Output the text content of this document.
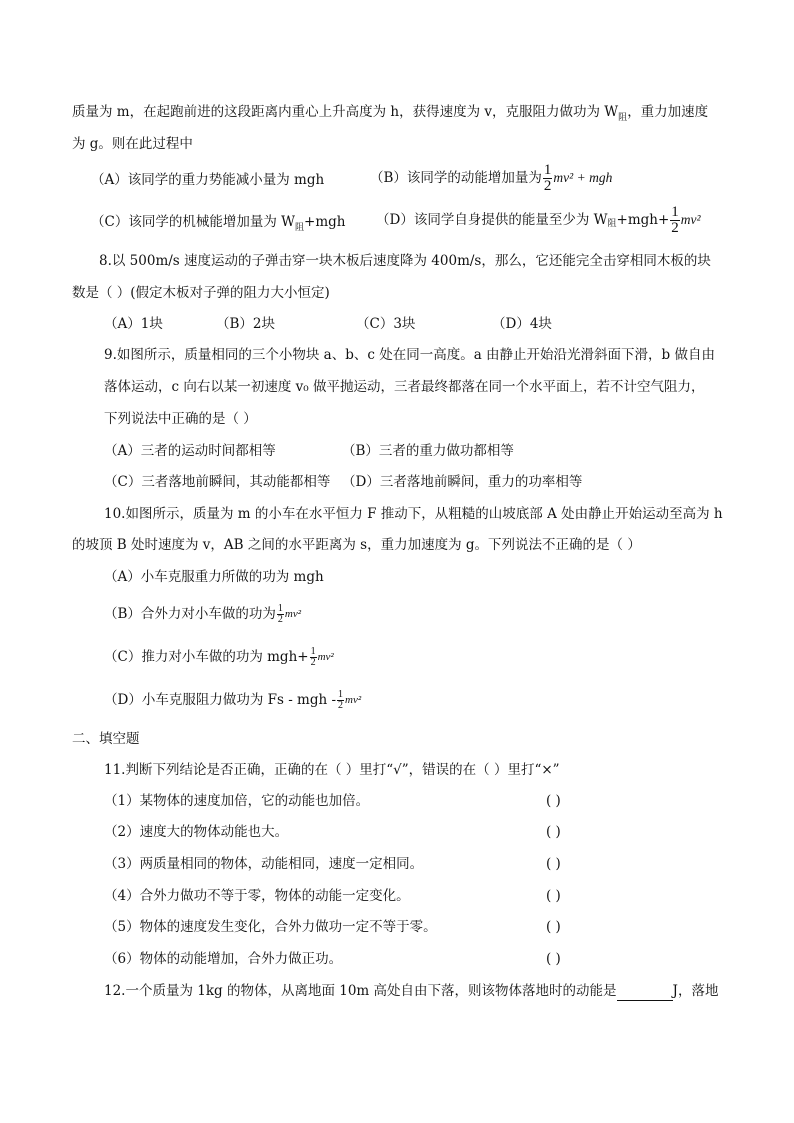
质量为 m，在起跑前进的这段距离内重心上升高度为 h，获得速度为 v，克服阻力做功为 $W_阻$，重力加速度
为 g。则在此过程中
（A）该同学的重力势能减小量为 mgh	（B）该同学的动能增加量为 $\frac{1}{2} mv^2$ + mgh
（C）该同学的机械能增加量为 $W_阻+mgh$ （D）该同学自身提供的能量至少为 W 阻 $+mgh+ \frac{1}{2} mv^2$
8.以 500m/s 速度运动的子弹击穿一块木板后速度降为 400m/s，那么，它还能完全击穿相同木板的块
数是（ ）(假定木板对子弹的阻力大小恒定)
（A）1块	（B）2块	（C）3块	（D）4块
9.如图所示，质量相同的三个小物块 a、b、c 处在同一高度。a 由静止开始沿光滑斜面下滑，b 做自由
落体运动，c 向右以某一初速度 v₀ 做平抛运动，三者最终都落在同一个水平面上，若不计空气阻力，
下列说法中正确的是（ ）
（A）三者的运动时间都相等	（B）三者的重力做功都相等
（C）三者落地前瞬间，其动能都相等 （D）三者落地前瞬间，重力的功率相等
10.如图所示，质量为 m 的小车在水平恒力 F 推动下，从粗糙的山坡底部 A 处由静止开始运动至高为 h
的坡顶 B 处时速度为 v，AB 之间的水平距离为 s，重力加速度为 g。下列说法不正确的是（ ）
（A）小车克服重力所做的功为 mgh
（B）合外力对小车做的功为 $\frac{1}{2} mv^2$
（C）推力对小车做的功为 $mgh+ \frac{1}{2} mv^2$
（D）小车克服阻力做功为 Fs - mgh - $\frac{1}{2} mv^2$
二、填空题
11.判断下列结论是否正确，正确的在（ ）里打“√”，错误的在（ ）里打“×”
（1）某物体的速度加倍，它的动能也加倍。	( )
（2）速度大的物体动能也大。	( )
（3）两质量相同的物体，动能相同，速度一定相同。	( )
（4）合外力做功不等于零，物体的动能一定变化。	( )
（5）物体的速度发生变化，合外力做功一定不等于零。	( )
（6）物体的动能增加，合外力做正功。	( )
12.一个质量为 1kg 的物体，从离地面 10m 高处自由下落，则该物体落地时的动能是	J，落地
